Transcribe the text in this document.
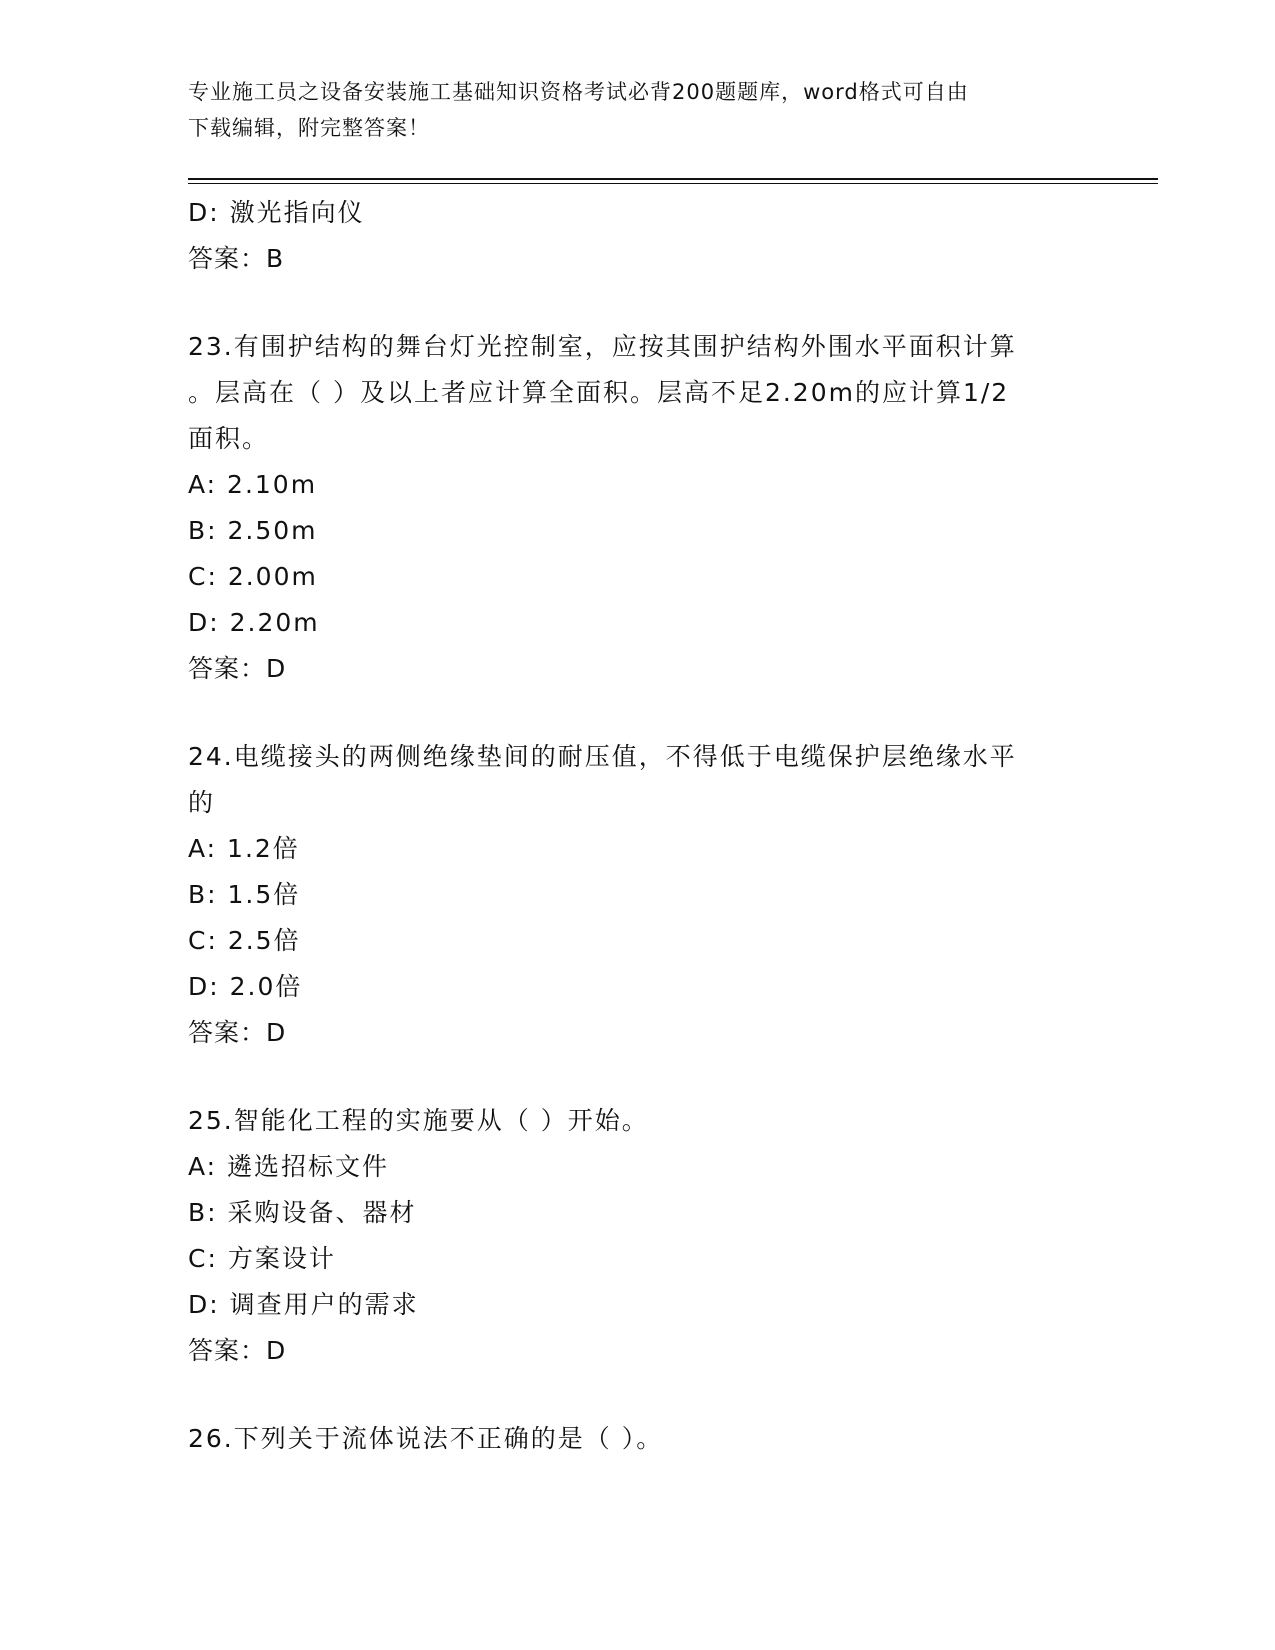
专业施工员之设备安装施工基础知识资格考试必背200题题库，word格式可自由
下载编辑，附完整答案！
D: 激光指向仪
答案：B
23.有围护结构的舞台灯光控制室，应按其围护结构外围水平面积计算
。层高在（ ）及以上者应计算全面积。层高不足2.20m的应计算1/2
面积。
A: 2.10m
B: 2.50m
C: 2.00m
D: 2.20m
答案：D
24.电缆接头的两侧绝缘垫间的耐压值，不得低于电缆保护层绝缘水平
的
A: 1.2倍
B: 1.5倍
C: 2.5倍
D: 2.0倍
答案：D
25.智能化工程的实施要从（ ）开始。
A: 遴选招标文件
B: 采购设备、器材
C: 方案设计
D: 调查用户的需求
答案：D
26.下列关于流体说法不正确的是（ ）。
